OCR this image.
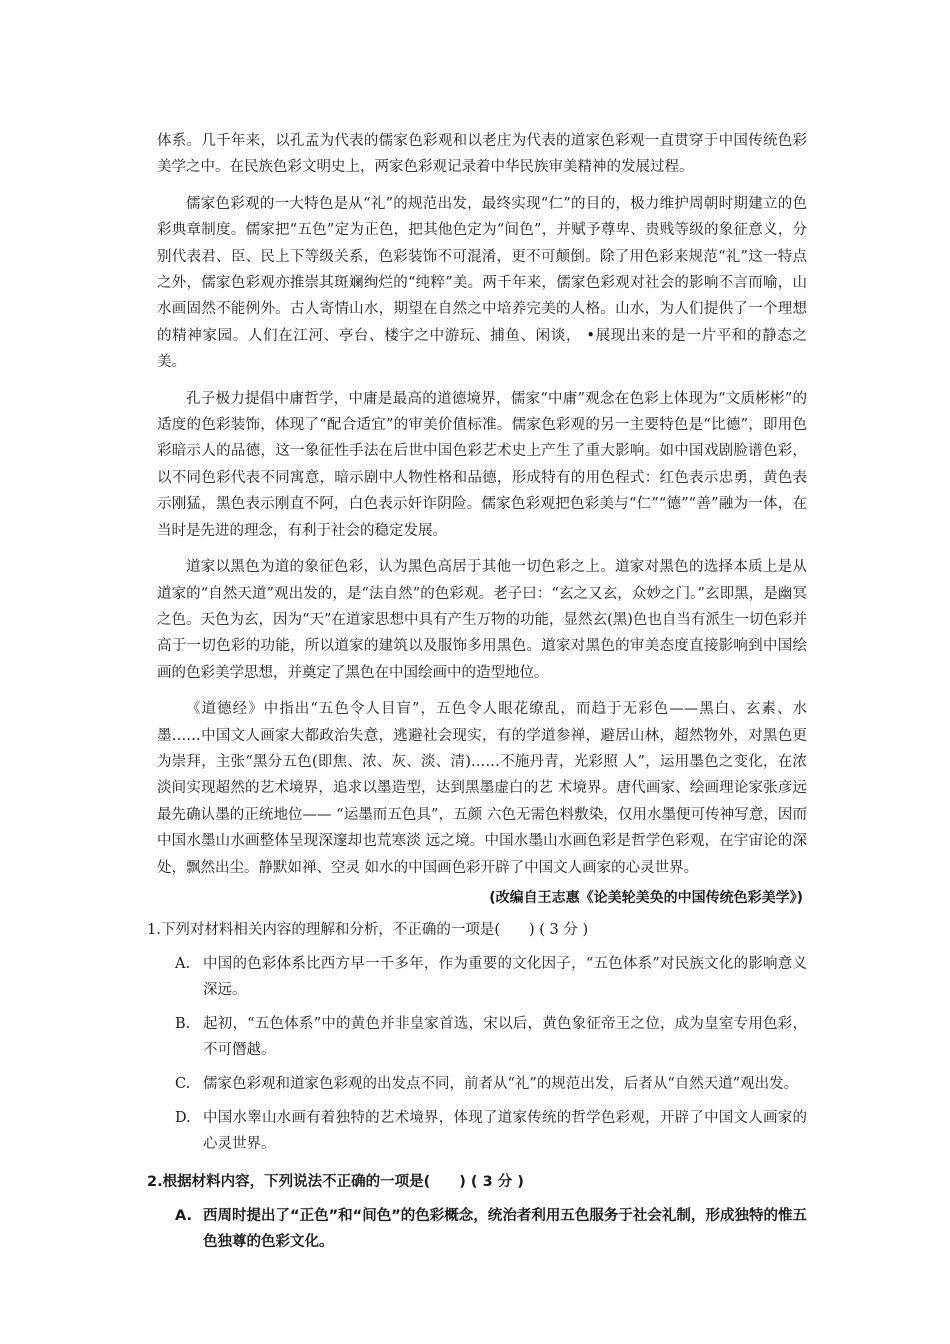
体系。几千年来，以孔孟为代表的儒家色彩观和以老庄为代表的道家色彩观一直贯穿于中国传统色彩美学之中。在民族色彩文明史上，两家色彩观记录着中华民族审美精神的发展过程。

儒家色彩观的一大特色是从“礼”的规范出发，最终实现“仁”的目的，极力维护周朝时期建立的色彩典章制度。儒家把“五色”定为正色，把其他色定为“间色”，并赋予尊卑、贵贱等级的象征意义，分别代表君、臣、民上下等级关系，色彩装饰不可混淆，更不可颠倒。除了用色彩来规范“礼”这一特点之外，儒家色彩观亦推崇其斑斓绚烂的“纯粹”美。两千年来，儒家色彩观对社会的影响不言而喻，山水画固然不能例外。古人寄情山水，期望在自然之中培养完美的人格。山水，为人们提供了一个理想的精神家园。人们在江河、亭台、楼宇之中游玩、捕鱼、闲谈， •展现出来的是一片平和的静态之美。

孔子极力提倡中庸哲学，中庸是最高的道德境界，儒家“中庸”观念在色彩上体现为“文质彬彬”的适度的色彩装饰，体现了“配合适宜”的审美价值标准。儒家色彩观的另一主要特色是“比德”，即用色彩暗示人的品德，这一象征性手法在后世中国色彩艺术史上产生了重大影响。如中国戏剧脸谱色彩，以不同色彩代表不同寓意，暗示剧中人物性格和品德，形成特有的用色程式：红色表示忠勇，黄色表示刚猛，黑色表示刚直不阿，白色表示奸诈阴险。儒家色彩观把色彩美与“仁”“德”“善”融为一体，在当时是先进的理念，有利于社会的稳定发展。

道家以黑色为道的象征色彩，认为黑色高居于其他一切色彩之上。道家对黑色的选择本质上是从道家的“自然天道”观出发的，是“法自然”的色彩观。老子曰：“玄之又玄，众妙之门。”玄即黑，是幽冥之色。天色为玄，因为“天”在道家思想中具有产生万物的功能，显然玄(黑)色也自当有派生一切色彩并高于一切色彩的功能，所以道家的建筑以及服饰多用黑色。道家对黑色的审美态度直接影响到中国绘画的色彩美学思想，并奠定了黑色在中国绘画中的造型地位。

《道德经》中指出“五色令人目盲”，五色令人眼花缭乱，而趋于无彩色——黑白、玄素、水墨……中国文人画家大都政治失意，逃避社会现实，有的学道参禅，避居山林，超然物外，对黑色更为崇拜，主张“黑分五色(即焦、浓、灰、淡、清)……不施丹青，光彩照 人”，运用墨色之变化，在浓淡间实现超然的艺术境界，追求以墨造型，达到黑墨虚白的艺 术境界。唐代画家、绘画理论家张彦远最先确认墨的正统地位—— “运墨而五色具”，五颜 六色无需色料敷染，仅用水墨便可传神写意，因而中国水墨山水画整体呈现深邃却也荒寒淡 远之境。中国水墨山水画色彩是哲学色彩观，在宇宙论的深处，飘然出尘。静默如禅、空灵 如水的中国画色彩开辟了中国文人画家的心灵世界。

(改编自王志惠《论美轮美奂的中国传统色彩美学》)
1.下列对材料相关内容的理解和分析，不正确的一项是(　　) ( 3 分 )
A. 中国的色彩体系比西方早一千多年，作为重要的文化因子，“五色体系”对民族文化的影响意义深远。
B. 起初，“五色体系”中的黄色并非皇家首选，宋以后，黄色象征帝王之位，成为皇室专用色彩，不可僭越。
C. 儒家色彩观和道家色彩观的出发点不同，前者从“礼”的规范出发，后者从“自然天道”观出发。
D. 中国水睾山水画有着独特的艺术境界，体现了道家传统的哲学色彩观，开辟了中国文人画家的心灵世界。
2.根据材料内容，下列说法不正确的一项是(　　) ( 3 分 )
A. 西周时提出了“正色”和“间色”的色彩概念，统治者利用五色服务于社会礼制，形成独特的惟五色独尊的色彩文化。
